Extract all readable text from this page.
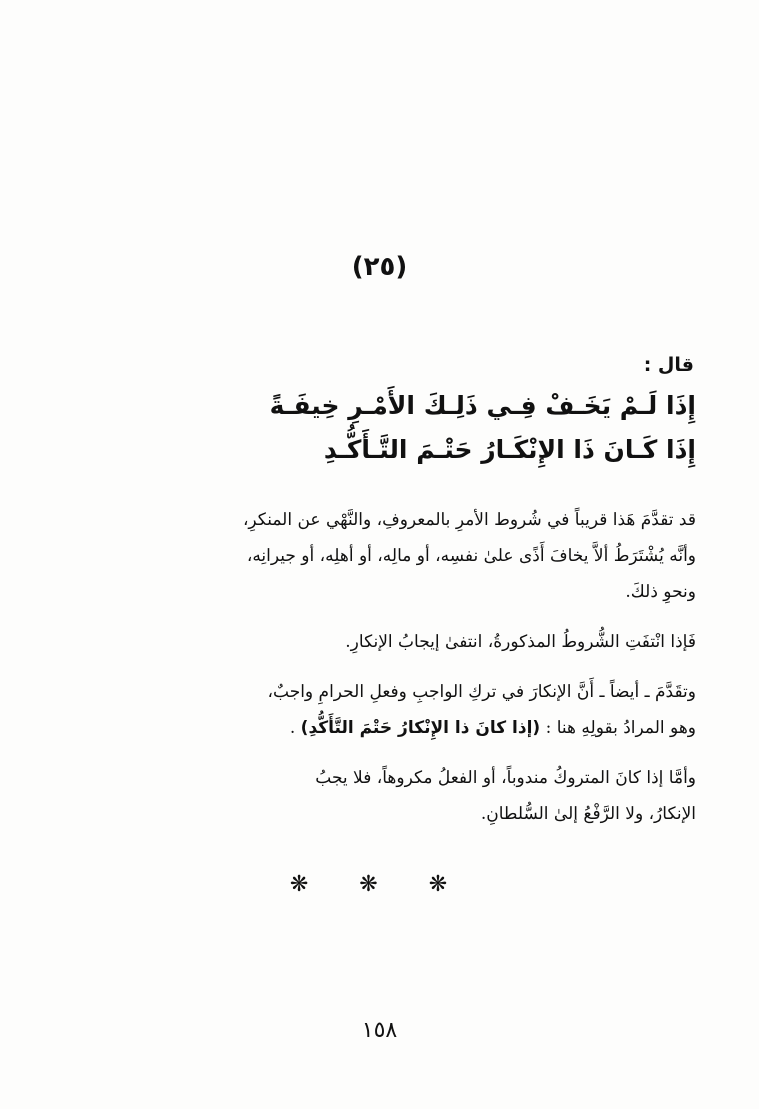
(٢٥)
قال :
إِذَا لَـمْ يَخَـفْ فِـي ذَلِـكَ الأَمْـرِ خِيفَـةً
إِذَا كَـانَ ذَا الإِنْكَـارُ حَتْـمَ التَّـأَكُّـدِ

قد تقدَّمَ هَذا قريباً في شُروط الأمرِ بالمعروفِ، والنَّهْي عن المنكرِ،

وأنَّه يُشْتَرَطُ ألاَّ يخافَ أَذًى علىٰ نفسِه، أو مالِه، أو أهلِه، أو جيرانِه،

ونحوِ ذلكَ.

فَإذا انْتفَتِ الشُّروطُ المذكورةُ، انتفىٰ إيجابُ الإنكارِ.

وتقَدَّمَ ـ أيضاً ـ أَنَّ الإنكارَ في تركِ الواجبِ وفعلِ الحرامِ واجبٌ،

وهو المرادُ بقولِهِ هنا : (إذا كانَ ذا الإِنْكارُ حَتْمَ التَّأَكُّدِ) .

وأمَّا إذا كانَ المتروكُ مندوباً، أو الفعلُ مكروهاً، فلا يجبُ

الإنكارُ، ولا الرَّفْعُ إلىٰ السُّلطانِ.

❋ ❋ ❋
١٥٨
